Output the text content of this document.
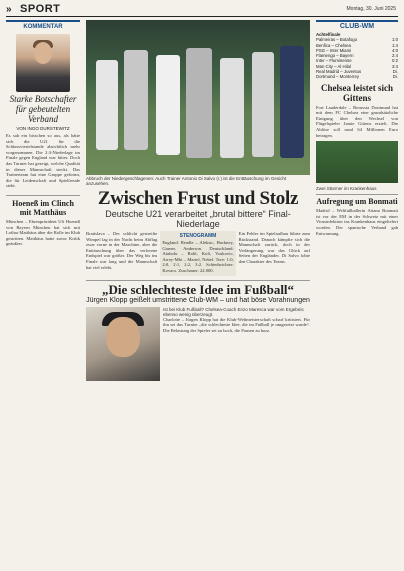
» SPORT	Montag, 30. Juni 2025
KOMMENTAR
Starke Botschafter für gebeutelten Verband
VON INGO DURSTEWITZ
Es sah ein bisschen so aus, als hätte sich die U21 für die Schlussviertelstunde absichtlich mehr vorgenommen. Die 2:3-Niederlage im Finale gegen England war bitter. Doch das Turnier hat gezeigt, welche Qualität in dieser Mannschaft steckt. Das Trainerteam hat eine Gruppe geformt, die für Leidenschaft und Spielfreude steht.
Hoeneß im Clinch mit Matthäus
München – Ehrenpräsident Uli Hoeneß von Bayern München hat sich mit Lothar Matthäus über die Rolle im Klub gestritten. Matthäus hatte zuvor Kritik geäußert.
Abbruch der Niedergeschlagenen: Auch Trainer Antonio Di Salvo (r.) ist die Enttäuschung im Gesicht anzusehen.
Zwischen Frust und Stolz
Deutsche U21 verarbeitet „brutal bittere“ Final-Niederlage
Bratislava – Der schlicht gestreifte Wimpel lag in der Nacht beim Abflug zwar vorne in der Maschine, aber die Enttäuschung über das verlorene Endspiel war größer. Der Weg bis ins Finale war lang und die Mannschaft hat viel erlebt.
STENOGRAMM
England: Beadle – Aleksic, Hackney, Garner, Anderson. Deutschland: Atubolu – Rohl, Kofi, Vuskovic, Arrey-Mbi – Martel, Nebel. Tore: 1:0, 2:0, 2:1, 2:2, 3:2. Schiedsrichter: Kovacs. Zuschauer: 22.000.
Ein Fehler im Spielaufbau führte zum Rückstand. Danach kämpfte sich die Mannschaft zurück, doch in der Verlängerung war das Glück auf Seiten der Engländer. Di Salvo lobte den Charakter des Teams.
„Die schlechteste Idee im Fußball“
Jürgen Klopp geißelt umstrittene Club-WM – und hat böse Vorahnungen
Ist bei Klub Fußball? Chelsea-Coach Enzo Maresca war vom Ergebnis ebenso wenig überzeugt.
Charlotte – Jürgen Klopp hat die Klub-Weltmeisterschaft scharf kritisiert. Für ihn sei das Turnier „die schlechteste Idee, die im Fußball je umgesetzt wurde“. Die Belastung der Spieler sei zu hoch, die Pausen zu kurz.
CLUB-WM
Achtelfinale
Palmeiras – Botafogo	1:0
Benfica – Chelsea	1:4
PSG – Inter Miami	4:0
Flamengo – Bayern	2:4
Inter – Fluminense	0:2
Man City – Al Hilal	3:4
Real Madrid – Juventus	Di.
Dortmund – Monterrey	Di.
Chelsea leistet sich Gittens
Fort Lauderdale – Borussia Dortmund hat mit dem FC Chelsea eine grundsätzliche Einigung über den Wechsel von Flügelspieler Jamie Gittens erzielt. Die Ablöse soll rund 64 Millionen Euro betragen.
Zwei Stürmer im Krankenhaus
Aufregung um Bonmati
Madrid – Weltfußballerin Aitana Bonmati ist vor der EM in der Schweiz mit einer Virusinfektion ins Krankenhaus eingeliefert worden. Der spanische Verband gab Entwarnung.
